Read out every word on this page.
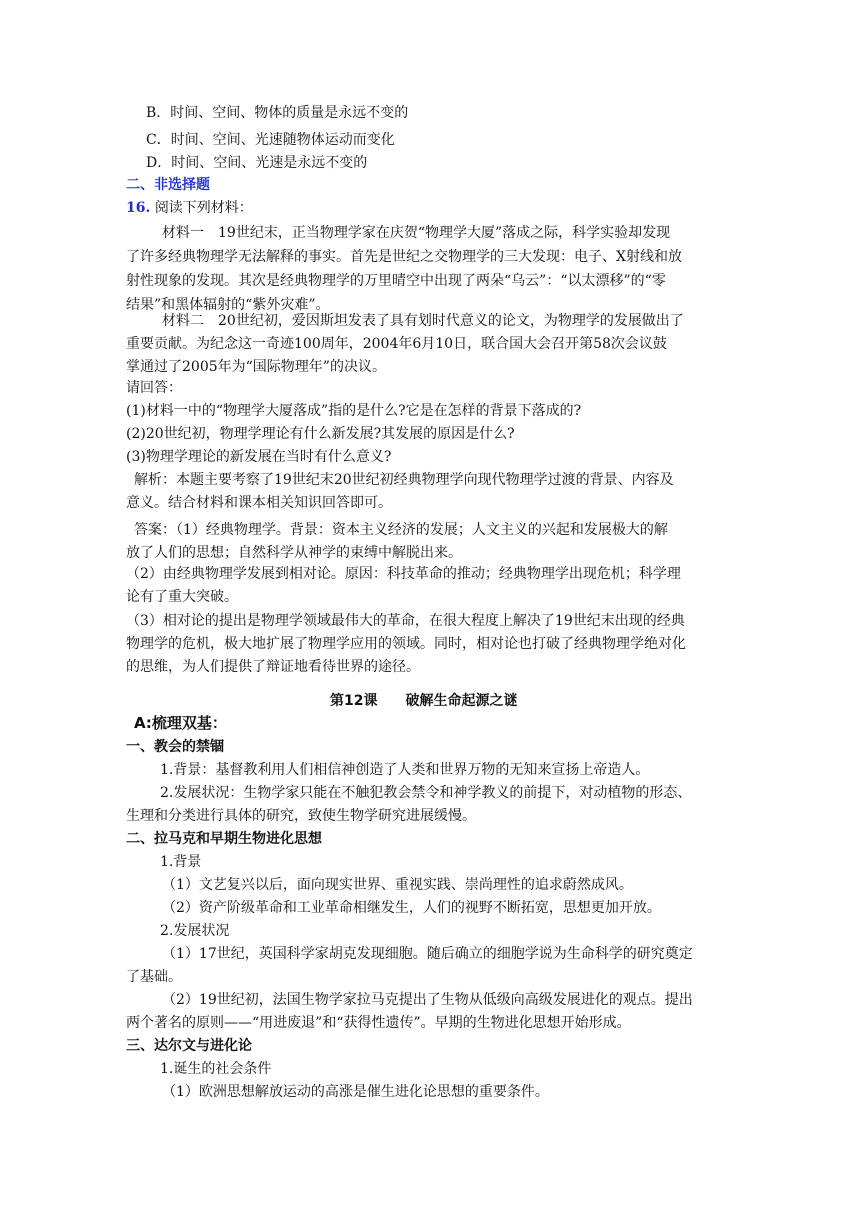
B．时间、空间、物体的质量是永远不变的
C．时间、空间、光速随物体运动而变化
D．时间、空间、光速是永远不变的
二、非选择题
16. 阅读下列材料：
材料一　19世纪末，正当物理学家在庆贺“物理学大厦”落成之际，科学实验却发现
了许多经典物理学无法解释的事实。首先是世纪之交物理学的三大发现：电子、X射线和放
射性现象的发现。其次是经典物理学的万里晴空中出现了两朵“乌云”：“以太漂移”的“零
结果”和黑体辐射的“紫外灾难”。
材料二　20世纪初，爱因斯坦发表了具有划时代意义的论文，为物理学的发展做出了
重要贡献。为纪念这一奇迹100周年，2004年6月10日，联合国大会召开第58次会议鼓
掌通过了2005年为“国际物理年”的决议。
请回答：
(1)材料一中的“物理学大厦落成”指的是什么?它是在怎样的背景下落成的?
(2)20世纪初，物理学理论有什么新发展?其发展的原因是什么?
(3)物理学理论的新发展在当时有什么意义?
解析：本题主要考察了19世纪末20世纪初经典物理学向现代物理学过渡的背景、内容及
意义。结合材料和课本相关知识回答即可。
答案：（1）经典物理学。背景：资本主义经济的发展；人文主义的兴起和发展极大的解
放了人们的思想；自然科学从神学的束缚中解脱出来。
（2）由经典物理学发展到相对论。原因：科技革命的推动；经典物理学出现危机；科学理
论有了重大突破。
（3）相对论的提出是物理学领域最伟大的革命，在很大程度上解决了19世纪末出现的经典
物理学的危机，极大地扩展了物理学应用的领域。同时，相对论也打破了经典物理学绝对化
的思维，为人们提供了辩证地看待世界的途径。
第12课　　破解生命起源之谜
A:梳理双基：
一、教会的禁锢
1.背景：基督教利用人们相信神创造了人类和世界万物的无知来宣扬上帝造人。
2.发展状况：生物学家只能在不触犯教会禁令和神学教义的前提下，对动植物的形态、
生理和分类进行具体的研究，致使生物学研究进展缓慢。
二、拉马克和早期生物进化思想
1.背景
（1）文艺复兴以后，面向现实世界、重视实践、崇尚理性的追求蔚然成风。
（2）资产阶级革命和工业革命相继发生，人们的视野不断拓宽，思想更加开放。
2.发展状况
（1）17世纪，英国科学家胡克发现细胞。随后确立的细胞学说为生命科学的研究奠定
了基础。
（2）19世纪初，法国生物学家拉马克提出了生物从低级向高级发展进化的观点。提出
两个著名的原则——“用进废退”和“获得性遗传”。早期的生物进化思想开始形成。
三、达尔文与进化论
1.诞生的社会条件
（1）欧洲思想解放运动的高涨是催生进化论思想的重要条件。
